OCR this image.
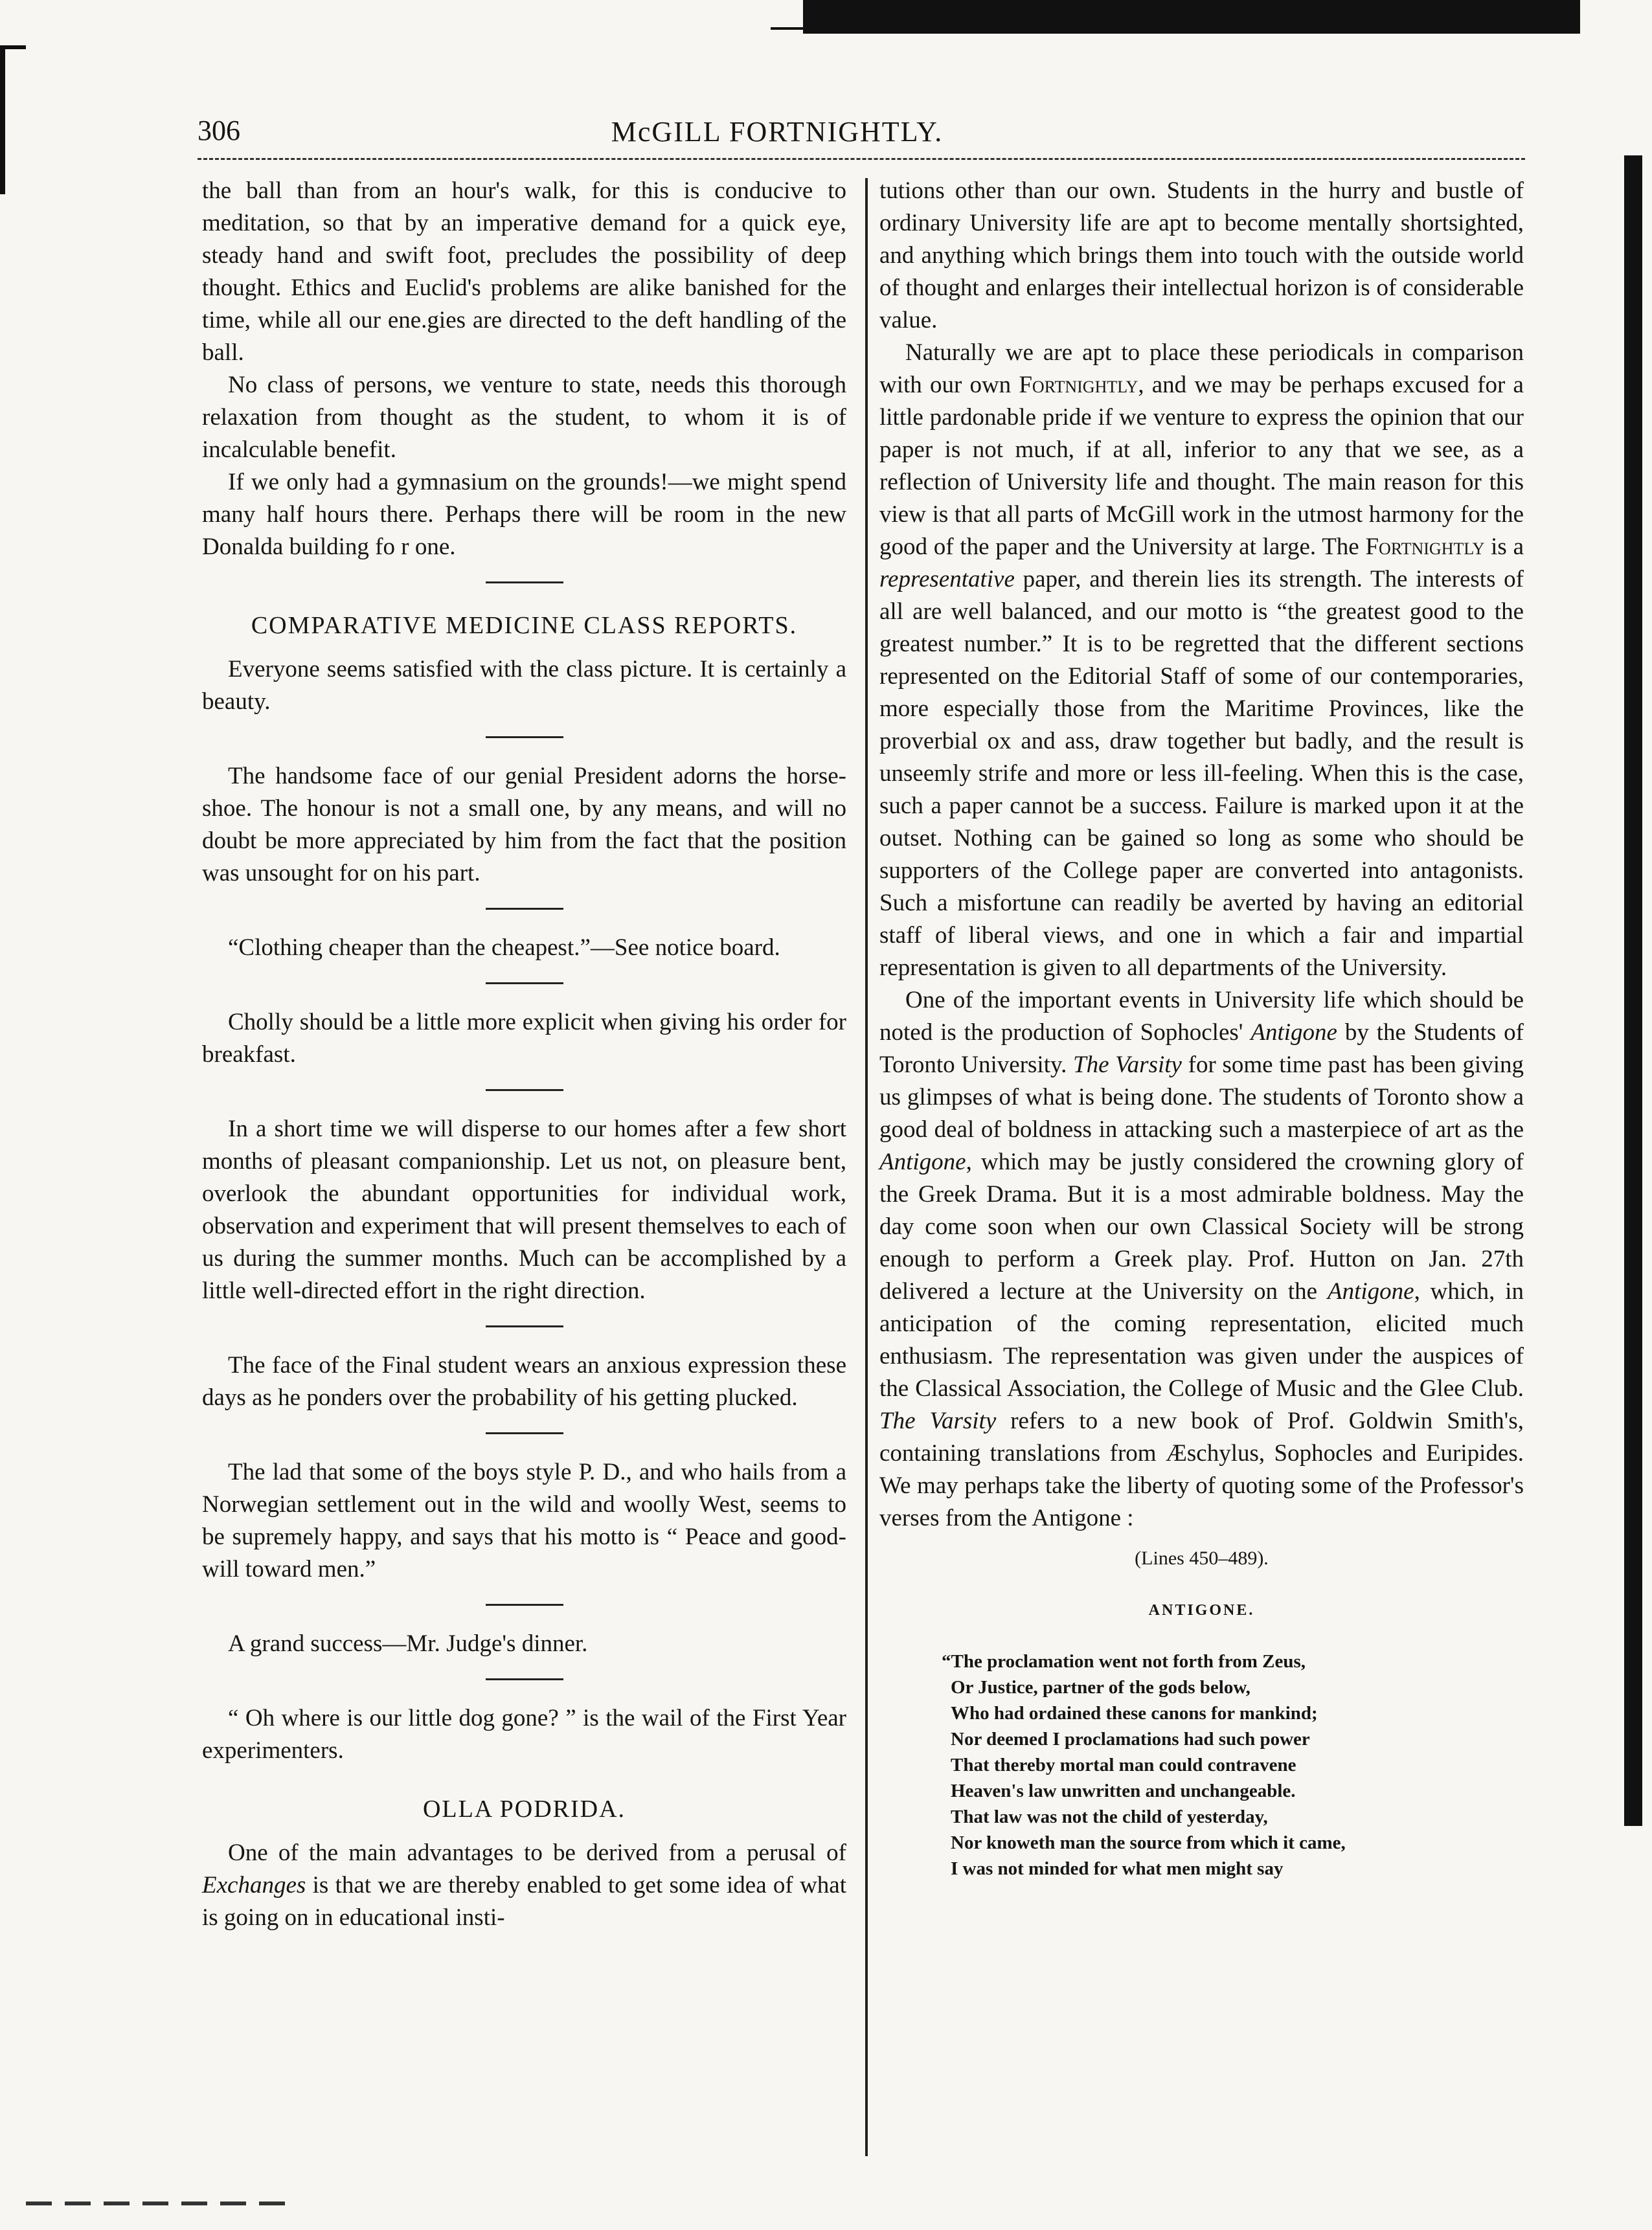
306	McGILL FORTNIGHTLY.

the ball than from an hour's walk, for this is conducive to meditation, so that by an imperative demand for a quick eye, steady hand and swift foot, precludes the possibility of deep thought. Ethics and Euclid's problems are alike banished for the time, while all our ene.gies are directed to the deft handling of the ball.

No class of persons, we venture to state, needs this thorough relaxation from thought as the student, to whom it is of incalculable benefit.

If we only had a gymnasium on the grounds!—we might spend many half hours there. Perhaps there will be room in the new Donalda building fo r one.

COMPARATIVE MEDICINE CLASS REPORTS.

Everyone seems satisfied with the class picture. It is certainly a beauty.

The handsome face of our genial President adorns the horse-shoe. The honour is not a small one, by any means, and will no doubt be more appreciated by him from the fact that the position was unsought for on his part.

“Clothing cheaper than the cheapest.”—See notice board.

Cholly should be a little more explicit when giving his order for breakfast.

In a short time we will disperse to our homes after a few short months of pleasant companionship. Let us not, on pleasure bent, overlook the abundant opportunities for individual work, observation and experiment that will present themselves to each of us during the summer months. Much can be accomplished by a little well-directed effort in the right direction.

The face of the Final student wears an anxious expression these days as he ponders over the probability of his getting plucked.

The lad that some of the boys style P. D., and who hails from a Norwegian settlement out in the wild and woolly West, seems to be supremely happy, and says that his motto is “ Peace and good-will toward men.”

A grand success—Mr. Judge's dinner.

“ Oh where is our little dog gone? ” is the wail of the First Year experimenters.

OLLA PODRIDA.

One of the main advantages to be derived from a perusal of Exchanges is that we are thereby enabled to get some idea of what is going on in educational insti-

tutions other than our own. Students in the hurry and bustle of ordinary University life are apt to become mentally shortsighted, and anything which brings them into touch with the outside world of thought and enlarges their intellectual horizon is of considerable value.

Naturally we are apt to place these periodicals in comparison with our own Fortnightly, and we may be perhaps excused for a little pardonable pride if we venture to express the opinion that our paper is not much, if at all, inferior to any that we see, as a reflection of University life and thought. The main reason for this view is that all parts of McGill work in the utmost harmony for the good of the paper and the University at large. The Fortnightly is a representative paper, and therein lies its strength. The interests of all are well balanced, and our motto is “the greatest good to the greatest number.” It is to be regretted that the different sections represented on the Editorial Staff of some of our contemporaries, more especially those from the Maritime Provinces, like the proverbial ox and ass, draw together but badly, and the result is unseemly strife and more or less ill-feeling. When this is the case, such a paper cannot be a success. Failure is marked upon it at the outset. Nothing can be gained so long as some who should be supporters of the College paper are converted into antagonists. Such a misfortune can readily be averted by having an editorial staff of liberal views, and one in which a fair and impartial representation is given to all departments of the University.

One of the important events in University life which should be noted is the production of Sophocles' Antigone by the Students of Toronto University. The Varsity for some time past has been giving us glimpses of what is being done. The students of Toronto show a good deal of boldness in attacking such a masterpiece of art as the Antigone, which may be justly considered the crowning glory of the Greek Drama. But it is a most admirable boldness. May the day come soon when our own Classical Society will be strong enough to perform a Greek play. Prof. Hutton on Jan. 27th delivered a lecture at the University on the Antigone, which, in anticipation of the coming representation, elicited much enthusiasm. The representation was given under the auspices of the Classical Association, the College of Music and the Glee Club. The Varsity refers to a new book of Prof. Goldwin Smith's, containing translations from Æschylus, Sophocles and Euripides. We may perhaps take the liberty of quoting some of the Professor's verses from the Antigone :

(Lines 450–489).
ANTIGONE.
“The proclamation went not forth from Zeus,
Or Justice, partner of the gods below,
Who had ordained these canons for mankind;
Nor deemed I proclamations had such power
That thereby mortal man could contravene
Heaven's law unwritten and unchangeable.
That law was not the child of yesterday,
Nor knoweth man the source from which it came,
I was not minded for what men might say
